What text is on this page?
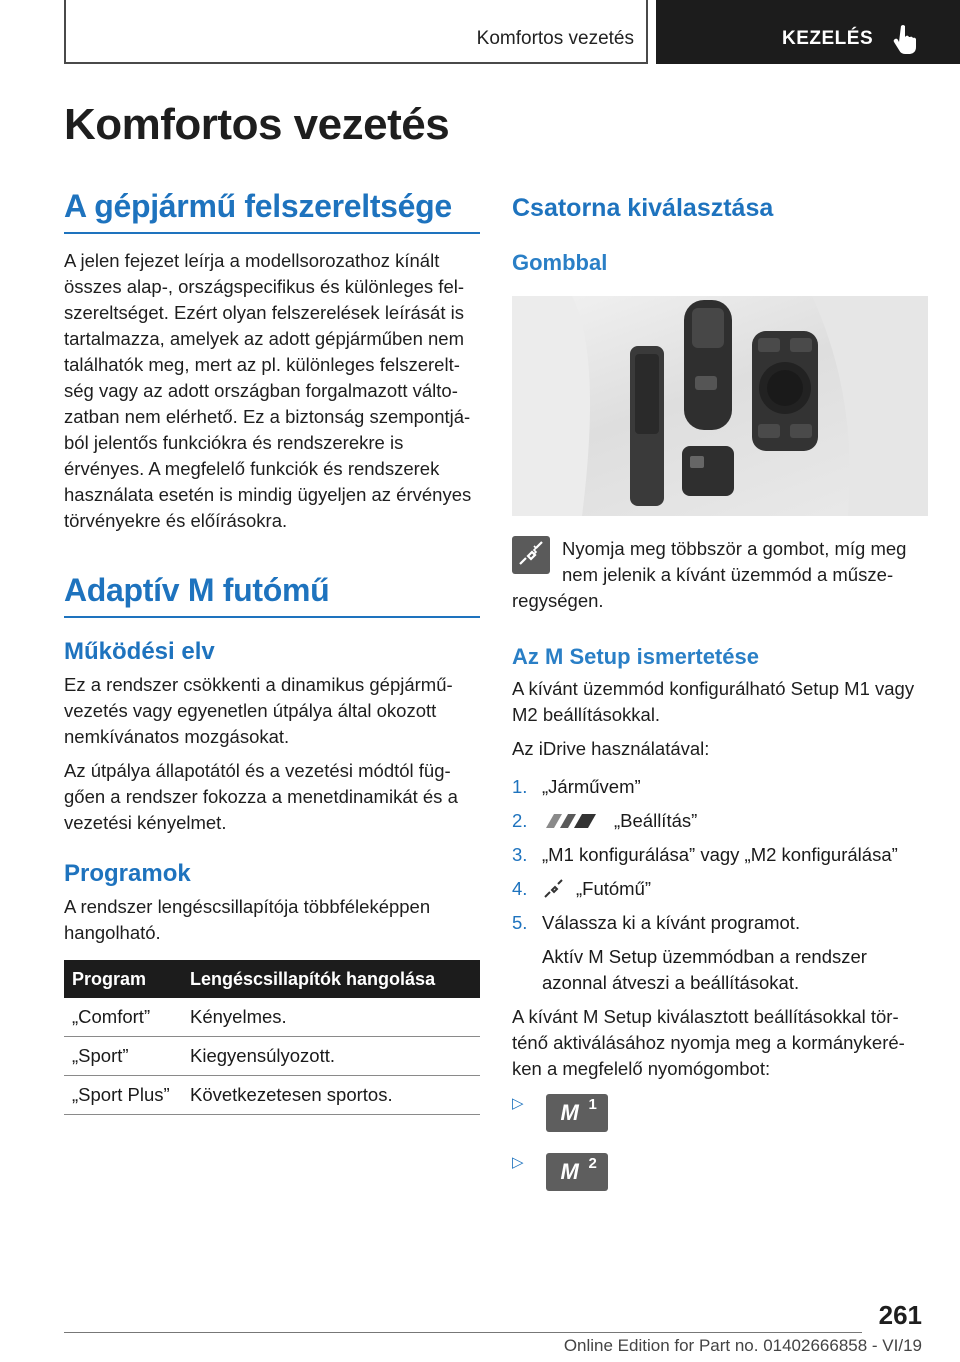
Komfortos vezetés	KEZELÉS
Komfortos vezetés
A gépjármű felszereltsége

A jelen fejezet leírja a modellsorozathoz kínált összes alap-, országspecifikus és különleges felszereltséget. Ezért olyan felszerelések leírását is tartalmazza, amelyek az adott gépjárműben nem találhatók meg, mert az pl. különleges felszereltség vagy az adott országban forgalmazott változatban nem elérhető. Ez a biztonság szempontjából jelentős funkciókra és rendszerekre is érvényes. A megfelelő funkciók és rendszerek használata esetén is mindig ügyeljen az érvényes törvényekre és előírásokra.

Adaptív M futómű
Működési elv

Ez a rendszer csökkenti a dinamikus gépjárművezetés vagy egyenetlen útpálya által okozott nemkívánatos mozgásokat.

Az útpálya állapotától és a vezetési módtól függően a rendszer fokozza a menetdinamikát és a vezetési kényelmet.

Programok

A rendszer lengéscsillapítója többféleképpen hangolható.

Program	Lengéscsillapítók hangolása
„Comfort”	Kényelmes.
„Sport”	Kiegyensúlyozott.
„Sport Plus”	Következetesen sportos.
Csatorna kiválasztása
Gombbal

Nyomja meg többször a gombot, míg meg nem jelenik a kívánt üzemmód a műszeregységen.

Az M Setup ismertetése

A kívánt üzemmód konfigurálható Setup M1 vagy M2 beállításokkal.

Az iDrive használatával:

1. „Járművem”
2.	„Beállítás”
3. „M1 konfigurálása” vagy „M2 konfigurálása”
4.	„Futómű”
5. Válassza ki a kívánt programot.
Aktív M Setup üzemmódban a rendszer azonnal átveszi a beállításokat.

A kívánt M Setup kiválasztott beállításokkal történő aktiválásához nyomja meg a kormánykeréken a megfelelő nyomógombot:

▷ M 1
▷ M 2
261
Online Edition for Part no. 01402666858 - VI/19
